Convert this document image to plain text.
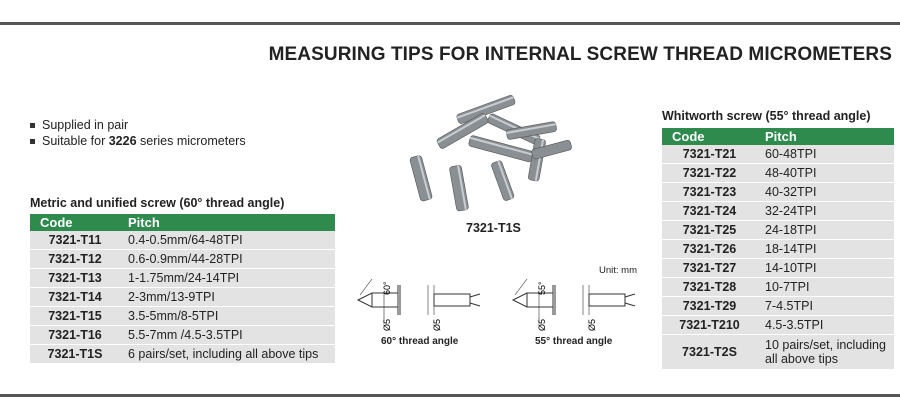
MEASURING TIPS FOR INTERNAL SCREW THREAD MICROMETERS
Supplied in pair
Suitable for 3226 series micrometers
Metric and unified screw (60° thread angle)
Code	Pitch
7321-T11	0.4-0.5mm/64-48TPI
7321-T12	0.6-0.9mm/44-28TPI
7321-T13	1-1.75mm/24-14TPI
7321-T14	2-3mm/13-9TPI
7321-T15	3.5-5mm/8-5TPI
7321-T16	5.5-7mm /4.5-3.5TPI
7321-T1S	6 pairs/set, including all above tips
7321-T1S
Unit: mm
60°
Ø5	Ø5
60° thread angle
55°
Ø5	Ø5
55° thread angle
Whitworth screw (55° thread angle)
Code	Pitch
7321-T21	60-48TPI
7321-T22	48-40TPI
7321-T23	40-32TPI
7321-T24	32-24TPI
7321-T25	24-18TPI
7321-T26	18-14TPI
7321-T27	14-10TPI
7321-T28	10-7TPI
7321-T29	7-4.5TPI
7321-T210	4.5-3.5TPI
7321-T2S	10 pairs/set, including all above tips
